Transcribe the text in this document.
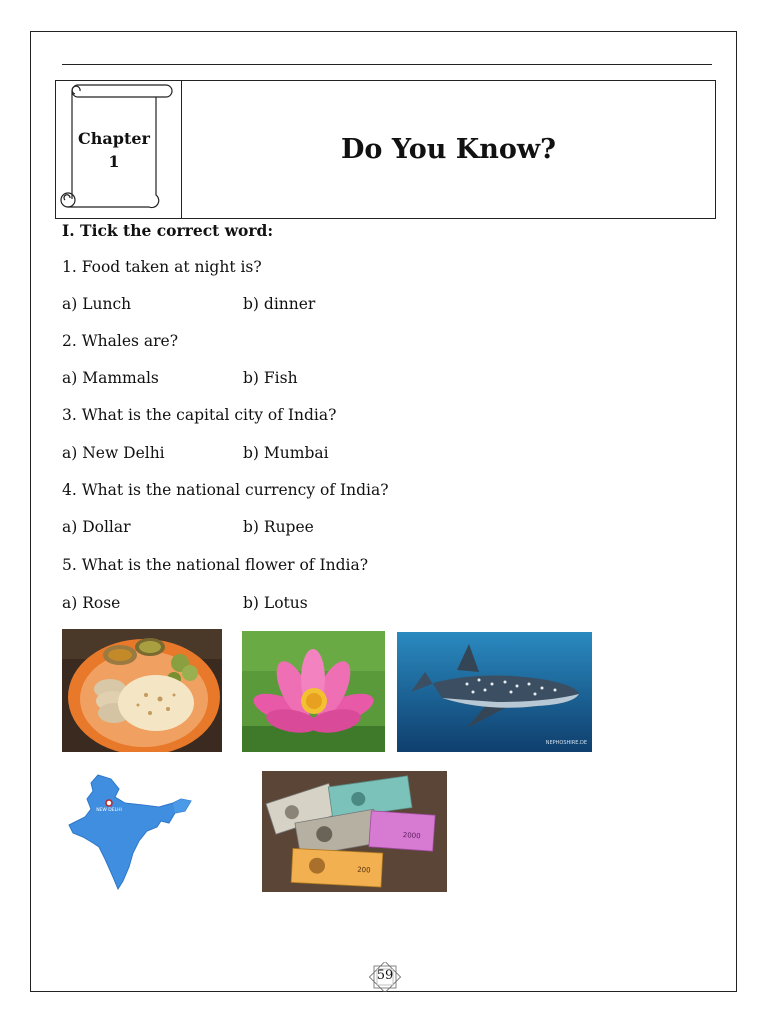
Chapter
1	Do You Know?
I. Tick the correct word:
1. Food taken at night is?
a) Lunch	b) dinner
2. Whales are?
a) Mammals	b) Fish
3. What is the capital city of India?
a) New Delhi	b) Mumbai
4. What is the national currency of India?
a) Dollar	b) Rupee
5. What is the national flower of India?
a) Rose	b) Lotus
NEPHOSHIRE.DE
NEW DELHI
2000
200
59
